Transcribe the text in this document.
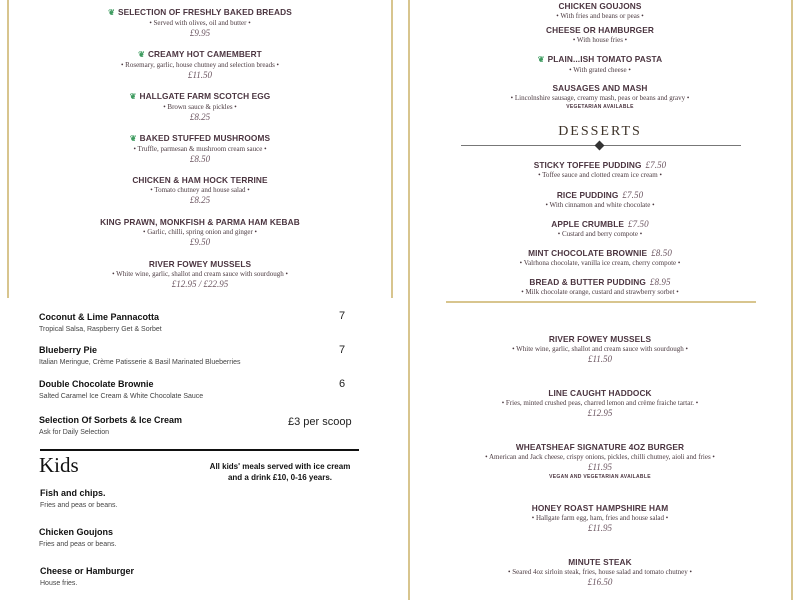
❦ SELECTION OF FRESHLY BAKED BREADS
• Served with olives, oil and butter •
£9.95
❦ CREAMY HOT CAMEMBERT
• Rosemary, garlic, house chutney and selection breads •
£11.50
❦ HALLGATE FARM SCOTCH EGG
• Brown sauce & pickles •
£8.25
❦ BAKED STUFFED MUSHROOMS
• Truffle, parmesan & mushroom cream sauce •
£8.50
CHICKEN & HAM HOCK TERRINE
• Tomato chutney and house salad •
£8.25
KING PRAWN, MONKFISH & PARMA HAM KEBAB
• Garlic, chilli, spring onion and ginger •
£9.50
RIVER FOWEY MUSSELS
• White wine, garlic, shallot and cream sauce with sourdough •
£12.95 / £22.95
CHICKEN GOUJONS
• With fries and beans or peas •
CHEESE OR HAMBURGER
• With house fries •
❦ PLAIN...ISH TOMATO PASTA
• With grated cheese •
SAUSAGES AND MASH
• Lincolnshire sausage, creamy mash, peas or beans and gravy •
VEGETARIAN AVAILABLE
DESSERTS
STICKY TOFFEE PUDDING £7.50
• Toffee sauce and clotted cream ice cream •
RICE PUDDING £7.50
• With cinnamon and white chocolate •
APPLE CRUMBLE £7.50
• Custard and berry compote •
MINT CHOCOLATE BROWNIE £8.50
• Valrhona chocolate, vanilla ice cream, cherry compote •
BREAD & BUTTER PUDDING £8.95
• Milk chocolate orange, custard and strawberry sorbet •
Coconut & Lime Pannacotta
Tropical Salsa, Raspberry Get & Sorbet
7
Blueberry Pie
Italian Meringue, Crème Patisserie & Basil Marinated Blueberries
7
Double Chocolate Brownie
Salted Caramel Ice Cream & White Chocolate Sauce
6
Selection Of Sorbets & Ice Cream
Ask for Daily Selection
£3 per scoop
Kids	All kids' meals served with ice cream
and a drink £10, 0-16 years.
Fish and chips.
Fries and peas or beans.
Chicken Goujons
Fries and peas or beans.
Cheese or Hamburger
House fries.
RIVER FOWEY MUSSELS
• White wine, garlic, shallot and cream sauce with sourdough •
£11.50
LINE CAUGHT HADDOCK
• Fries, minted crushed peas, charred lemon and crème fraiche tartar. •
£12.95
WHEATSHEAF SIGNATURE 4OZ BURGER
• American and Jack cheese, crispy onions, pickles, chilli chutney, aioli and fries •
£11.95
VEGAN AND VEGETARIAN AVAILABLE
HONEY ROAST HAMPSHIRE HAM
• Hallgate farm egg, ham, fries and house salad •
£11.95
MINUTE STEAK
• Seared 4oz sirloin steak, fries, house salad and tomato chutney •
£16.50
